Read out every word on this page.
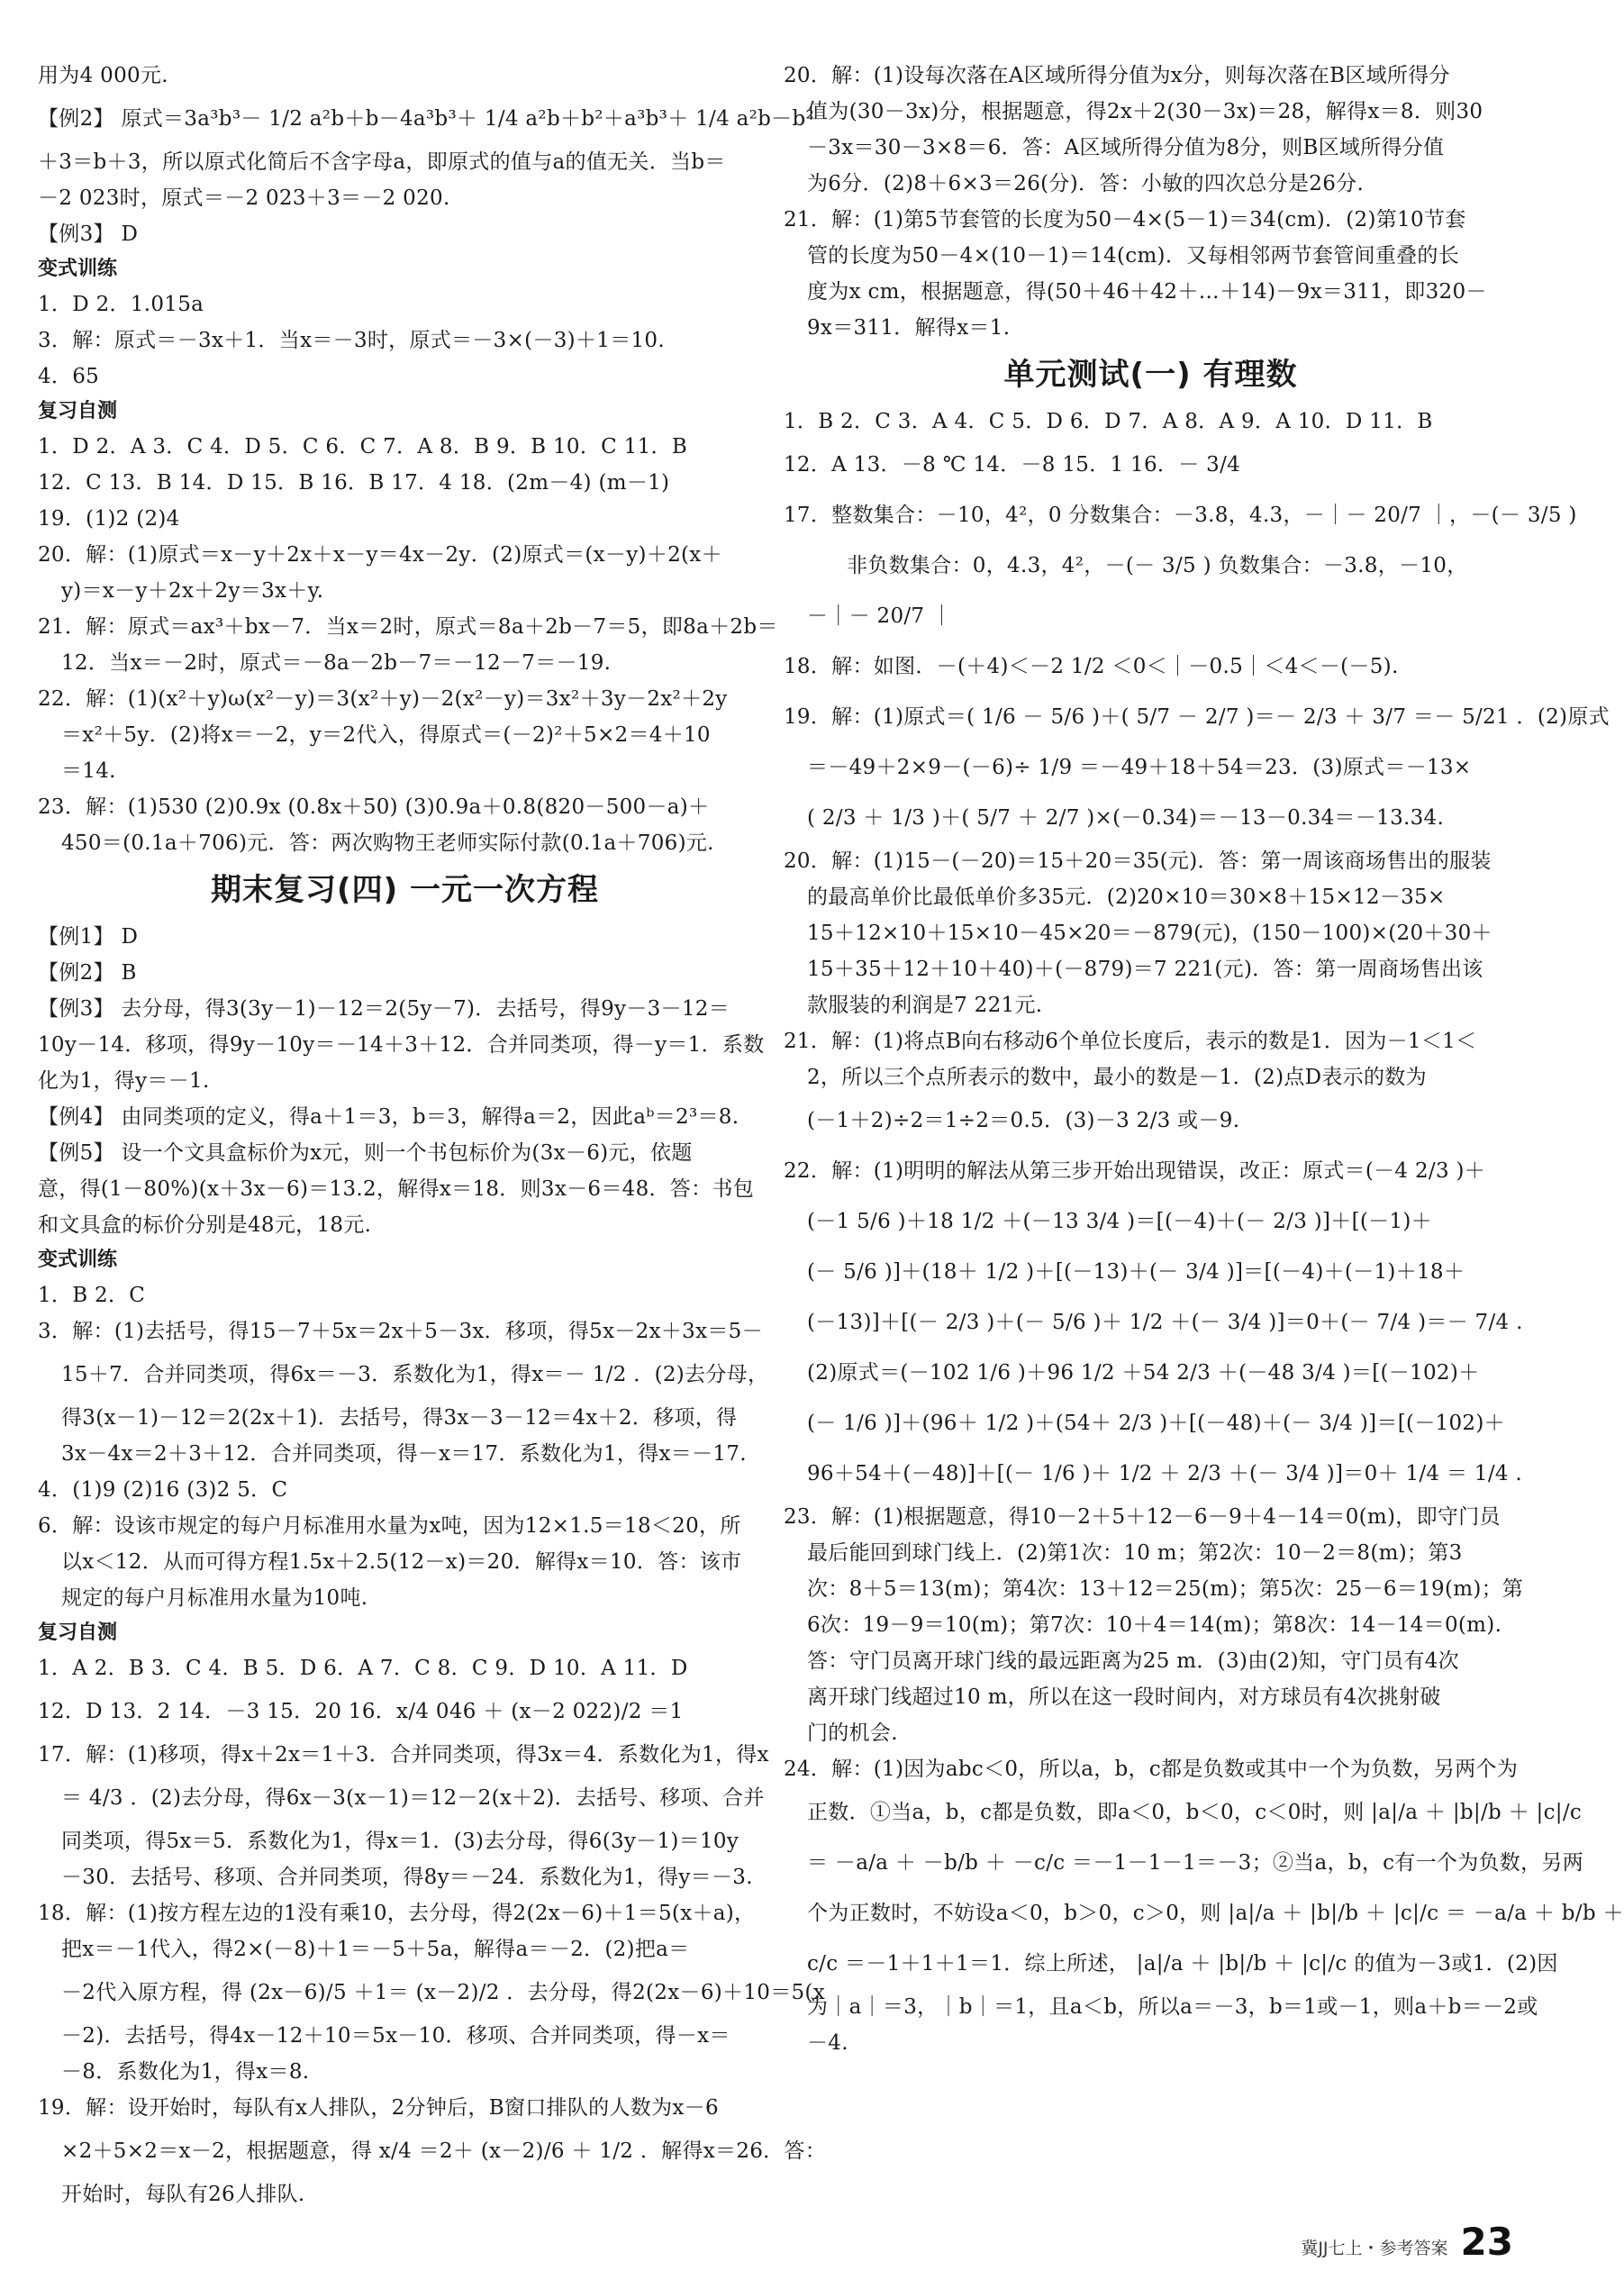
用为4 000元.
【例2】 原式＝3a³b³－ 1/2 a²b＋b－4a³b³＋ 1/4 a²b＋b²＋a³b³＋ 1/4 a²b－b²
＋3＝b＋3，所以原式化简后不含字母a，即原式的值与a的值无关．当b＝
－2 023时，原式＝－2 023＋3＝－2 020.
【例3】 D
变式训练
1．D 2．1.015a
3．解：原式＝－3x＋1．当x＝－3时，原式＝－3×(－3)＋1＝10.
4．65
复习自测
1．D 2．A 3．C 4．D 5．C 6．C 7．A 8．B 9．B 10．C 11．B
12．C 13．B 14．D 15．B 16．B 17．4 18．(2m－4) (m－1)
19．(1)2 (2)4
20．解：(1)原式＝x－y＋2x＋x－y＝4x－2y．(2)原式＝(x－y)＋2(x＋
y)＝x－y＋2x＋2y＝3x＋y.
21．解：原式＝ax³＋bx－7．当x＝2时，原式＝8a＋2b－7＝5，即8a＋2b＝
12．当x＝－2时，原式＝－8a－2b－7＝－12－7＝－19.
22．解：(1)(x²＋y)ω(x²－y)＝3(x²＋y)－2(x²－y)＝3x²＋3y－2x²＋2y
＝x²＋5y．(2)将x＝－2，y＝2代入，得原式＝(－2)²＋5×2＝4＋10
＝14.
23．解：(1)530 (2)0.9x (0.8x＋50) (3)0.9a＋0.8(820－500－a)＋
450＝(0.1a＋706)元．答：两次购物王老师实际付款(0.1a＋706)元.
期末复习(四) 一元一次方程
【例1】 D
【例2】 B
【例3】 去分母，得3(3y－1)－12＝2(5y－7)．去括号，得9y－3－12＝
10y－14．移项，得9y－10y＝－14＋3＋12．合并同类项，得－y＝1．系数
化为1，得y＝－1.
【例4】 由同类项的定义，得a＋1＝3，b＝3，解得a＝2，因此aᵇ＝2³＝8.
【例5】 设一个文具盒标价为x元，则一个书包标价为(3x－6)元，依题
意，得(1－80%)(x＋3x－6)＝13.2，解得x＝18．则3x－6＝48．答：书包
和文具盒的标价分别是48元，18元.
变式训练
1．B 2．C
3．解：(1)去括号，得15－7＋5x＝2x＋5－3x．移项，得5x－2x＋3x＝5－
15＋7．合并同类项，得6x＝－3．系数化为1，得x＝－ 1/2 ．(2)去分母，
得3(x－1)－12＝2(2x＋1)．去括号，得3x－3－12＝4x＋2．移项，得
3x－4x＝2＋3＋12．合并同类项，得－x＝17．系数化为1，得x＝－17.
4．(1)9 (2)16 (3)2 5．C
6．解：设该市规定的每户月标准用水量为x吨，因为12×1.5＝18＜20，所
以x＜12．从而可得方程1.5x＋2.5(12－x)＝20．解得x＝10．答：该市
规定的每户月标准用水量为10吨.
复习自测
1．A 2．B 3．C 4．B 5．D 6．A 7．C 8．C 9．D 10．A 11．D
12．D 13．2 14．－3 15．20 16．x/4 046 ＋ (x－2 022)/2 ＝1
17．解：(1)移项，得x＋2x＝1＋3．合并同类项，得3x＝4．系数化为1，得x
＝ 4/3 ．(2)去分母，得6x－3(x－1)＝12－2(x＋2)．去括号、移项、合并
同类项，得5x＝5．系数化为1，得x＝1．(3)去分母，得6(3y－1)＝10y
－30．去括号、移项、合并同类项，得8y＝－24．系数化为1，得y＝－3.
18．解：(1)按方程左边的1没有乘10，去分母，得2(2x－6)＋1＝5(x＋a)，
把x＝－1代入，得2×(－8)＋1＝－5＋5a，解得a＝－2．(2)把a＝
－2代入原方程，得 (2x－6)/5 ＋1＝ (x－2)/2 ．去分母，得2(2x－6)＋10＝5(x
－2)．去括号，得4x－12＋10＝5x－10．移项、合并同类项，得－x＝
－8．系数化为1，得x＝8.
19．解：设开始时，每队有x人排队，2分钟后，B窗口排队的人数为x－6
×2＋5×2＝x－2，根据题意，得 x/4 ＝2＋ (x－2)/6 ＋ 1/2 ．解得x＝26．答：
开始时，每队有26人排队.
20．解：(1)设每次落在A区域所得分值为x分，则每次落在B区域所得分
值为(30－3x)分，根据题意，得2x＋2(30－3x)＝28，解得x＝8．则30
－3x＝30－3×8＝6．答：A区域所得分值为8分，则B区域所得分值
为6分．(2)8＋6×3＝26(分)．答：小敏的四次总分是26分.
21．解：(1)第5节套管的长度为50－4×(5－1)＝34(cm)．(2)第10节套
管的长度为50－4×(10－1)＝14(cm)．又每相邻两节套管间重叠的长
度为x cm，根据题意，得(50＋46＋42＋…＋14)－9x＝311，即320－
9x＝311．解得x＝1.
单元测试(一) 有理数
1．B 2．C 3．A 4．C 5．D 6．D 7．A 8．A 9．A 10．D 11．B
12．A 13．－8 ℃ 14．－8 15．1 16．－ 3/4
17．整数集合：－10，4²，0 分数集合：－3.8，4.3，－｜－ 20/7 ｜，－(－ 3/5 )
非负数集合：0，4.3，4²，－(－ 3/5 ) 负数集合：－3.8，－10，
－｜－ 20/7 ｜
18．解：如图．－(＋4)＜－2 1/2 ＜0＜｜－0.5｜＜4＜－(－5).
19．解：(1)原式＝( 1/6 － 5/6 )＋( 5/7 － 2/7 )＝－ 2/3 ＋ 3/7 ＝－ 5/21 ．(2)原式
＝－49＋2×9－(－6)÷ 1/9 ＝－49＋18＋54＝23．(3)原式＝－13×
( 2/3 ＋ 1/3 )＋( 5/7 ＋ 2/7 )×(－0.34)＝－13－0.34＝－13.34.
20．解：(1)15－(－20)＝15＋20＝35(元)．答：第一周该商场售出的服装
的最高单价比最低单价多35元．(2)20×10＝30×8＋15×12－35×
15＋12×10＋15×10－45×20＝－879(元)，(150－100)×(20＋30＋
15＋35＋12＋10＋40)＋(－879)＝7 221(元)．答：第一周商场售出该
款服装的利润是7 221元.
21．解：(1)将点B向右移动6个单位长度后，表示的数是1．因为－1＜1＜
2，所以三个点所表示的数中，最小的数是－1．(2)点D表示的数为
(－1＋2)÷2＝1÷2＝0.5．(3)－3 2/3 或－9.
22．解：(1)明明的解法从第三步开始出现错误，改正：原式＝(－4 2/3 )＋
(－1 5/6 )＋18 1/2 ＋(－13 3/4 )＝[(－4)＋(－ 2/3 )]＋[(－1)＋
(－ 5/6 )]＋(18＋ 1/2 )＋[(－13)＋(－ 3/4 )]＝[(－4)＋(－1)＋18＋
(－13)]＋[(－ 2/3 )＋(－ 5/6 )＋ 1/2 ＋(－ 3/4 )]＝0＋(－ 7/4 )＝－ 7/4 .
(2)原式＝(－102 1/6 )＋96 1/2 ＋54 2/3 ＋(－48 3/4 )＝[(－102)＋
(－ 1/6 )]＋(96＋ 1/2 )＋(54＋ 2/3 )＋[(－48)＋(－ 3/4 )]＝[(－102)＋
96＋54＋(－48)]＋[(－ 1/6 )＋ 1/2 ＋ 2/3 ＋(－ 3/4 )]＝0＋ 1/4 ＝ 1/4 .
23．解：(1)根据题意，得10－2＋5＋12－6－9＋4－14＝0(m)，即守门员
最后能回到球门线上．(2)第1次：10 m；第2次：10－2＝8(m)；第3
次：8＋5＝13(m)；第4次：13＋12＝25(m)；第5次：25－6＝19(m)；第
6次：19－9＝10(m)；第7次：10＋4＝14(m)；第8次：14－14＝0(m).
答：守门员离开球门线的最远距离为25 m．(3)由(2)知，守门员有4次
离开球门线超过10 m，所以在这一段时间内，对方球员有4次挑射破
门的机会.
24．解：(1)因为abc＜0，所以a，b，c都是负数或其中一个为负数，另两个为
正数．①当a，b，c都是负数，即a＜0，b＜0，c＜0时，则 |a|/a ＋ |b|/b ＋ |c|/c
＝ －a/a ＋ －b/b ＋ －c/c ＝－1－1－1＝－3；②当a，b，c有一个为负数，另两
个为正数时，不妨设a＜0，b＞0，c＞0，则 |a|/a ＋ |b|/b ＋ |c|/c ＝ －a/a ＋ b/b ＋
c/c ＝－1＋1＋1＝1．综上所述， |a|/a ＋ |b|/b ＋ |c|/c 的值为－3或1．(2)因
为｜a｜＝3，｜b｜＝1，且a＜b，所以a＝－3，b＝1或－1，则a＋b＝－2或
－4.
冀JJ七上・参考答案 23
